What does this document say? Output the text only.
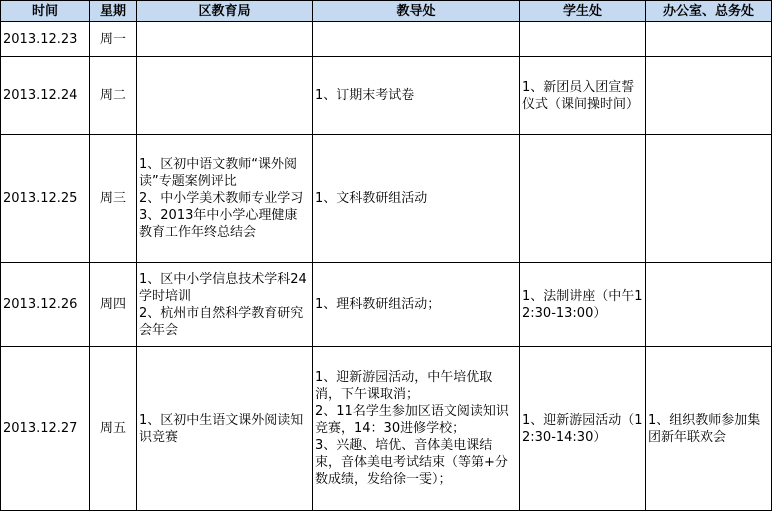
时间	星期	区教育局	教导处	学生处	办公室、总务处
2013.12.23	周一				
2013.12.24	周二		1、订期末考试卷	1、新团员入团宣誓仪式（课间操时间）	

2013.12.25	周三	1、区初中语文教师“课外阅读”专题案例评比
2、中小学美术教师专业学习
3、2013年中小学心理健康教育工作年终总结会	1、文科教研组活动		

2013.12.26	周四	1、区中小学信息技术学科24学时培训
2、杭州市自然科学教育研究会年会	1、理科教研组活动；	1、法制讲座（中午12:30-13:00）	

2013.12.27	周五	1、区初中生语文课外阅读知识竞赛	1、迎新游园活动，中午培优取消，下午课取消；
2、11名学生参加区语文阅读知识竞赛，14：30进修学校；
3、兴趣、培优、音体美电课结束，音体美电考试结束（等第+分数成绩，发给徐一雯）；	1、迎新游园活动（12:30-14:30）	1、组织教师参加集团新年联欢会
